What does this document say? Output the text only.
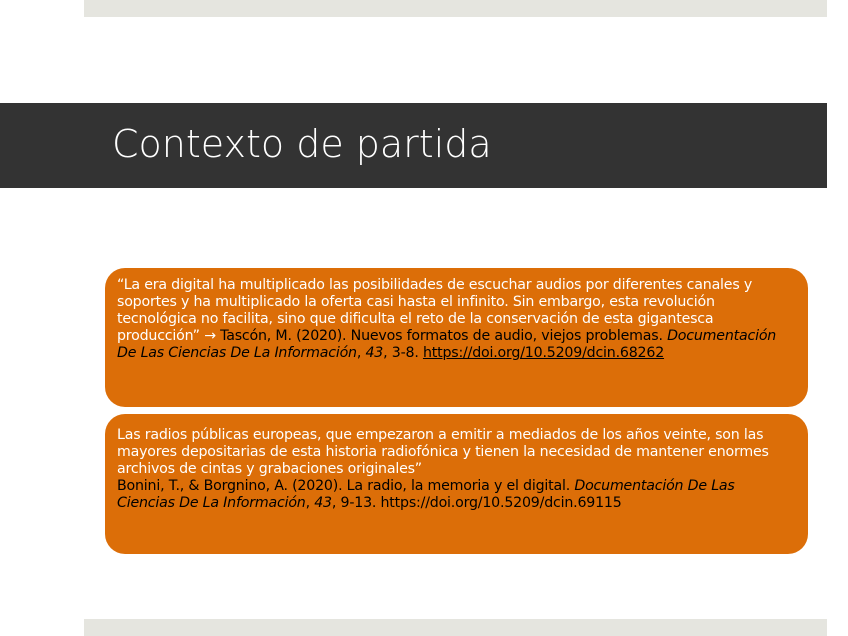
Contexto de partida
“La era digital ha multiplicado las posibilidades de escuchar audios por diferentes canales y soportes y ha multiplicado la oferta casi hasta el infinito. Sin embargo, esta revolución tecnológica no facilita, sino que dificulta el reto de la conservación de esta gigantesca producción” → Tascón, M. (2020). Nuevos formatos de audio, viejos problemas. Documentación De Las Ciencias De La Información, 43, 3-8. https://doi.org/10.5209/dcin.68262
Las radios públicas europeas, que empezaron a emitir a mediados de los años veinte, son las mayores depositarias de esta historia radiofónica y tienen la necesidad de mantener enormes archivos de cintas y grabaciones originales”
Bonini, T., & Borgnino, A. (2020). La radio, la memoria y el digital. Documentación De Las Ciencias De La Información, 43, 9-13. https://doi.org/10.5209/dcin.69115
